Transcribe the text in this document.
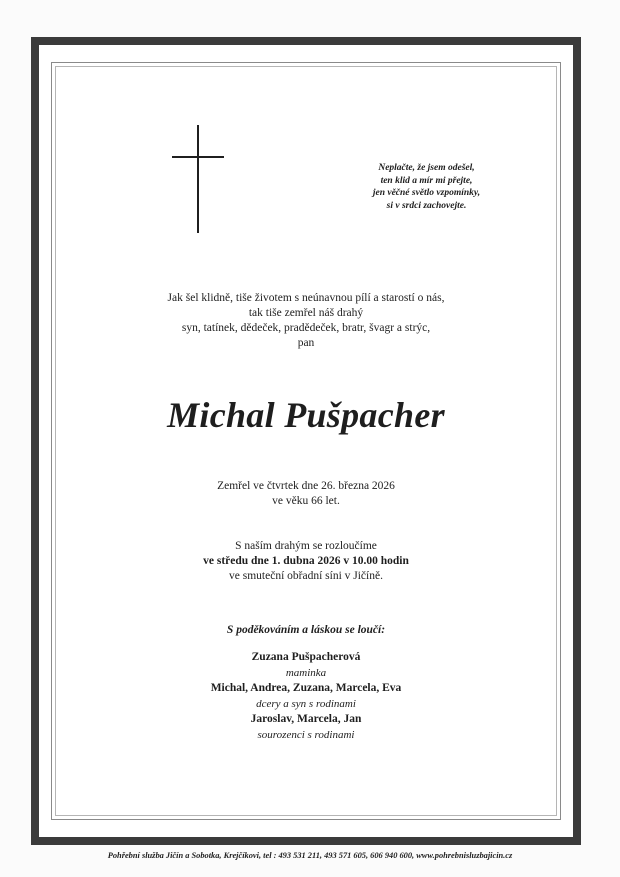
Neplačte, že jsem odešel,
ten klid a mír mi přejte,
jen věčné světlo vzpomínky,
si v srdci zachovejte.
Jak šel klidně, tiše životem s neúnavnou pílí a starostí o nás,
tak tiše zemřel náš drahý
syn, tatínek, dědeček, pradědeček, bratr, švagr a strýc,
pan
Michal Pušpacher
Zemřel ve čtvrtek dne 26. března 2026
ve věku 66 let.
S naším drahým se rozloučíme
ve středu dne 1. dubna 2026 v 10.00 hodin
ve smuteční obřadní síni v Jičíně.
S poděkováním a láskou se loučí:
Zuzana Pušpacherová
maminka
Michal, Andrea, Zuzana, Marcela, Eva
dcery a syn s rodinami
Jaroslav, Marcela, Jan
sourozenci s rodinami
Pohřební služba Jičín a Sobotka, Krejčíkovi, tel : 493 531 211, 493 571 605, 606 940 600, www.pohrebnisluzbajicin.cz
